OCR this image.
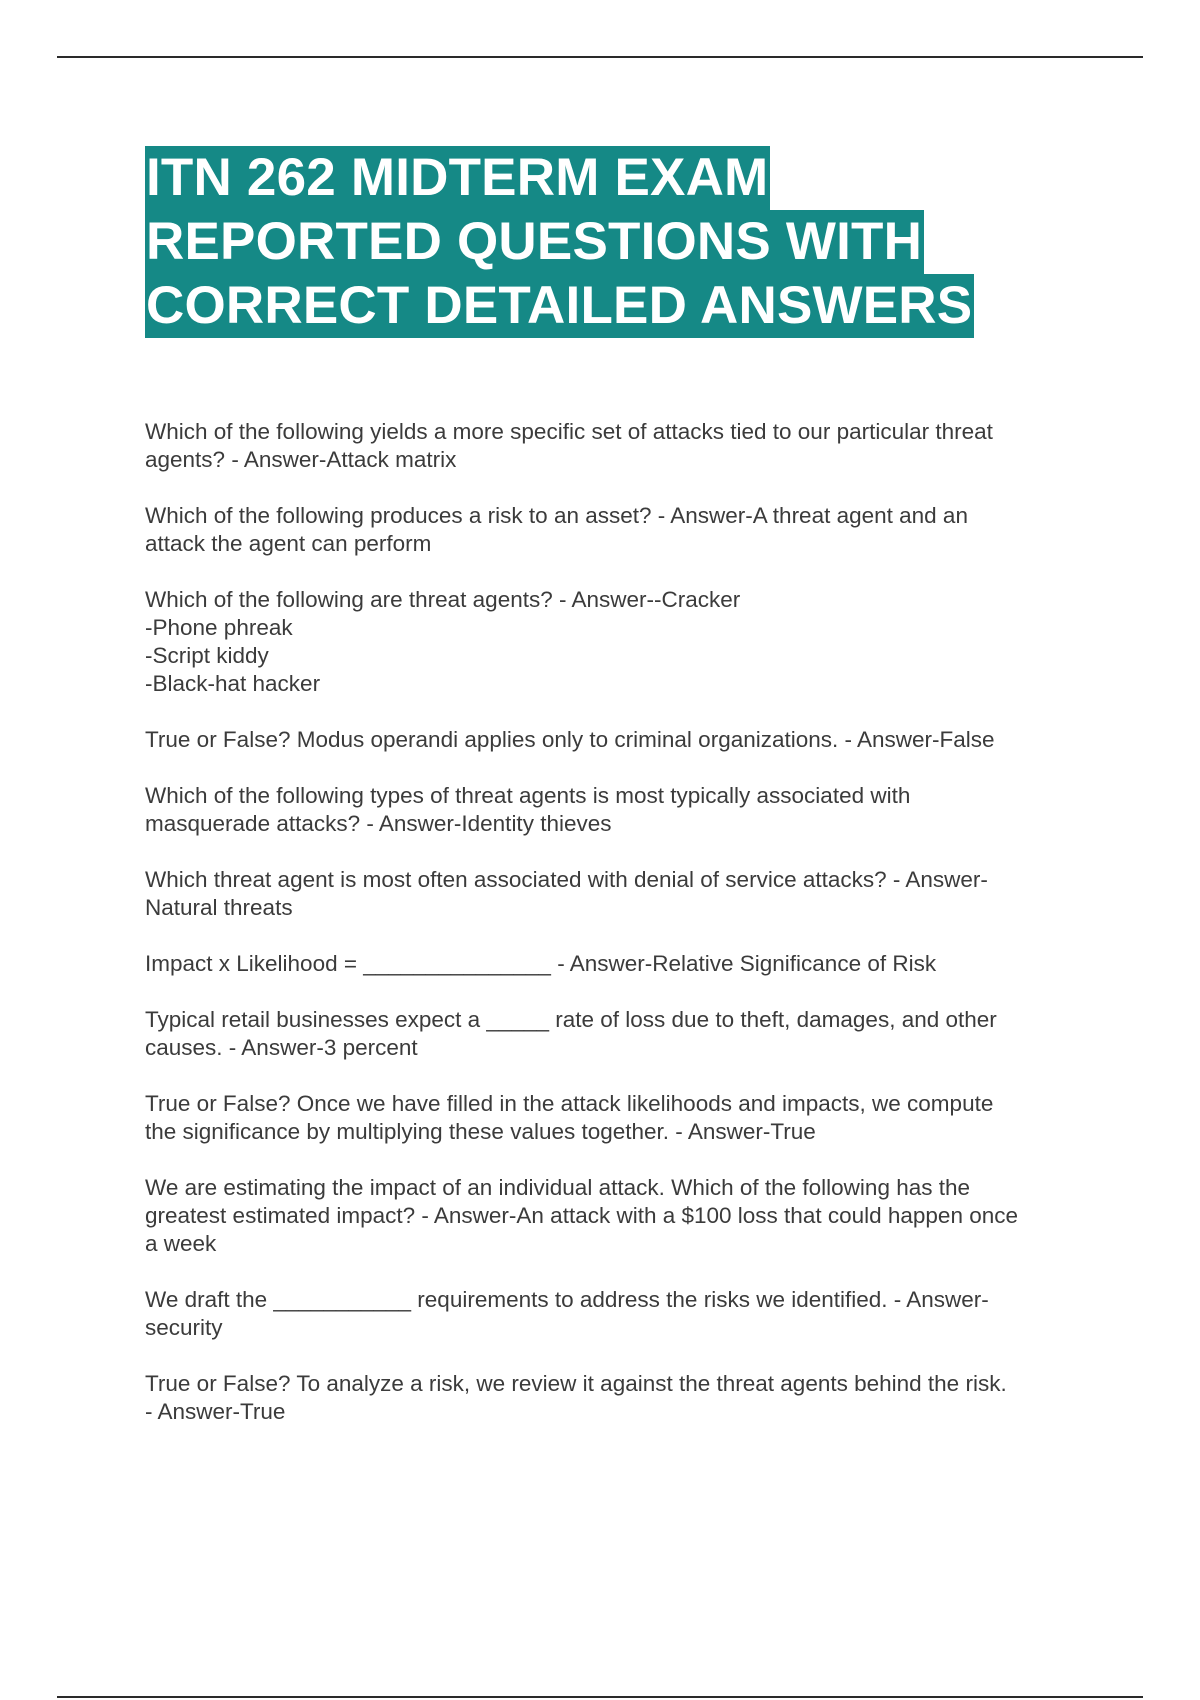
ITN 262 MIDTERM EXAM
REPORTED QUESTIONS WITH
CORRECT DETAILED ANSWERS
Which of the following yields a more specific set of attacks tied to our particular threat
agents? - Answer-Attack matrix
Which of the following produces a risk to an asset? - Answer-A threat agent and an
attack the agent can perform
Which of the following are threat agents? - Answer--Cracker
-Phone phreak
-Script kiddy
-Black-hat hacker
True or False? Modus operandi applies only to criminal organizations. - Answer-False
Which of the following types of threat agents is most typically associated with
masquerade attacks? - Answer-Identity thieves
Which threat agent is most often associated with denial of service attacks? - Answer-
Natural threats
Impact x Likelihood = _______________ - Answer-Relative Significance of Risk
Typical retail businesses expect a _____ rate of loss due to theft, damages, and other
causes. - Answer-3 percent
True or False? Once we have filled in the attack likelihoods and impacts, we compute
the significance by multiplying these values together. - Answer-True
We are estimating the impact of an individual attack. Which of the following has the
greatest estimated impact? - Answer-An attack with a $100 loss that could happen once
a week
We draft the ___________ requirements to address the risks we identified. - Answer-
security
True or False? To analyze a risk, we review it against the threat agents behind the risk.
- Answer-True
